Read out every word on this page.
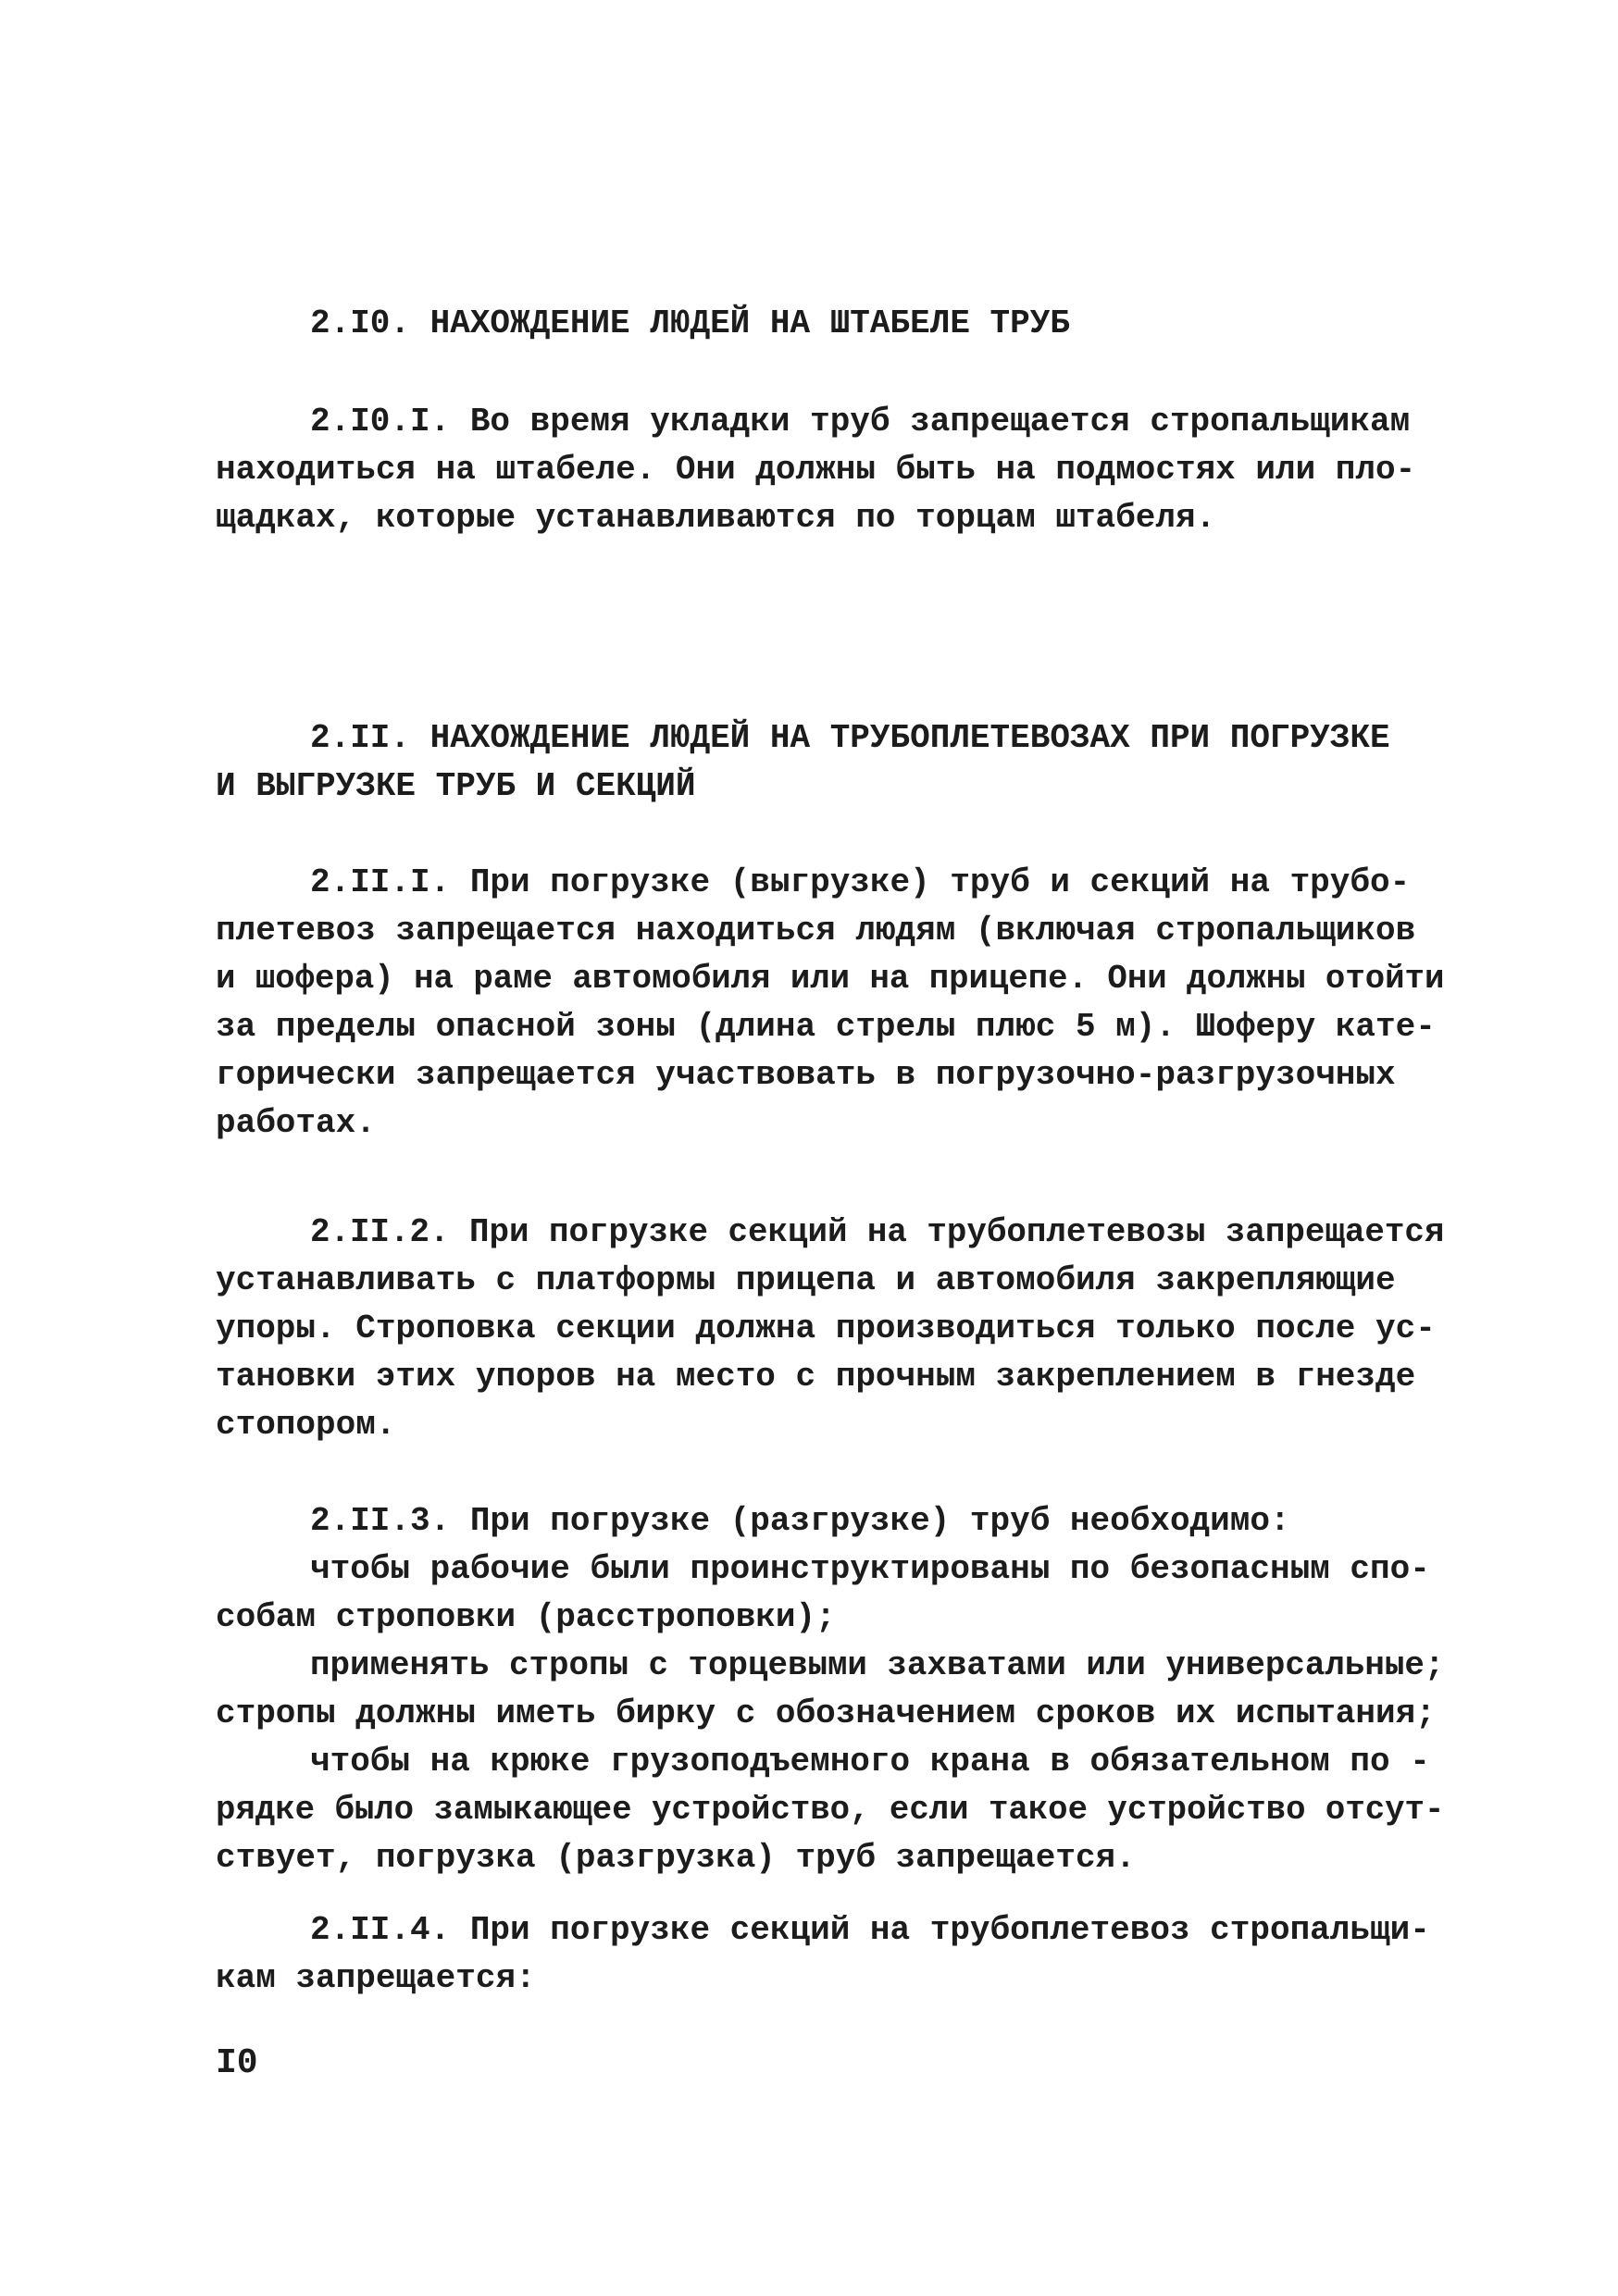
2.I0. НАХОЖДЕНИЕ ЛЮДЕЙ НА ШТАБЕЛЕ ТРУБ
2.I0.I. Во время укладки труб запрещается стропальщикам
находиться на штабеле. Они должны быть на подмостях или пло-
щадках, которые устанавливаются по торцам штабеля.
2.II. НАХОЖДЕНИЕ ЛЮДЕЙ НА ТРУБОПЛЕТЕВОЗАХ ПРИ ПОГРУЗКЕ
И ВЫГРУЗКЕ ТРУБ И СЕКЦИЙ
2.II.I. При погрузке (выгрузке) труб и секций на трубо-
плетевоз запрещается находиться людям (включая стропальщиков
и шофера) на раме автомобиля или на прицепе. Они должны отойти
за пределы опасной зоны (длина стрелы плюс 5 м). Шоферу кате-
горически запрещается участвовать в погрузочно-разгрузочных
работах.
2.II.2. При погрузке секций на трубоплетевозы запрещается
устанавливать с платформы прицепа и автомобиля закрепляющие
упоры. Строповка секции должна производиться только после ус-
тановки этих упоров на место с прочным закреплением в гнезде
стопором.
2.II.3. При погрузке (разгрузке) труб необходимо:
чтобы рабочие были проинструктированы по безопасным спо-
собам строповки (расстроповки);
применять стропы с торцевыми захватами или универсальные;
стропы должны иметь бирку с обозначением сроков их испытания;
чтобы на крюке грузоподъемного крана в обязательном по -
рядке было замыкающее устройство, если такое устройство отсут-
ствует, погрузка (разгрузка) труб запрещается.
2.II.4. При погрузке секций на трубоплетевоз стропальщи-
кам запрещается:
I0
